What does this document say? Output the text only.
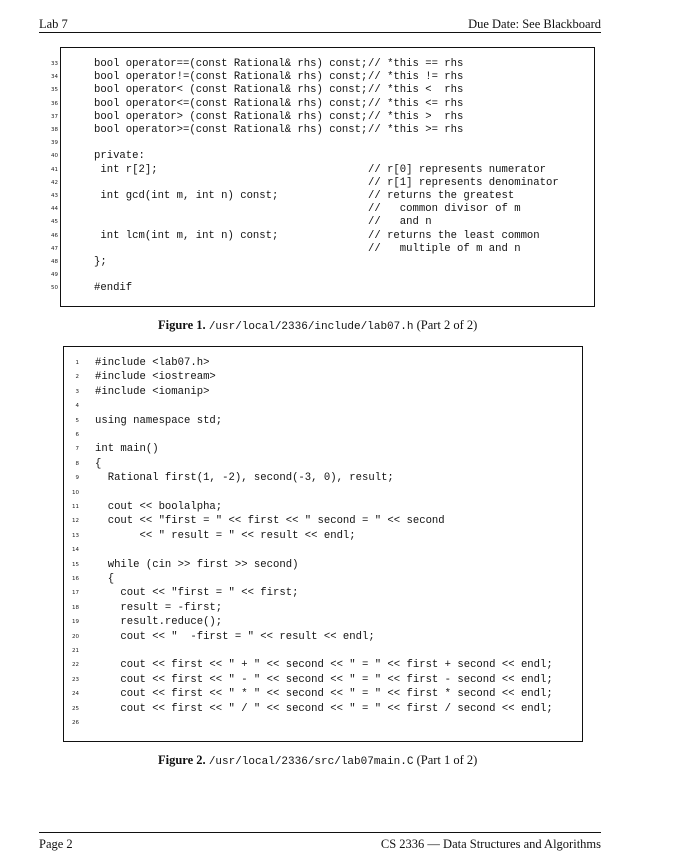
Lab 7	Due Date: See Blackboard
33	bool operator==(const Rational& rhs) const; // *this == rhs
34	bool operator!=(const Rational& rhs) const; // *this != rhs
35	bool operator< (const Rational& rhs) const; // *this <  rhs
36	bool operator<=(const Rational& rhs) const; // *this <= rhs
37	bool operator> (const Rational& rhs) const; // *this >  rhs
38	bool operator>=(const Rational& rhs) const; // *this >= rhs
39
40	private:
41	int r[2];	// r[0] represents numerator
42	// r[1] represents denominator
43	int gcd(int m, int n) const;	// returns the greatest
44	//   common divisor of m
45	//   and n
46	int lcm(int m, int n) const;	// returns the least common
47	//   multiple of m and n
48	};
49
50	#endif
Figure 1. /usr/local/2336/include/lab07.h (Part 2 of 2)
1 #include <lab07.h>
2 #include <iostream>
3 #include <iomanip>
4
5 using namespace std;
6
7 int main()
8 {
9 Rational first(1, -2), second(-3, 0), result;
10
11 cout << boolalpha;
12 cout << "first = " << first << " second = " << second
13 << " result = " << result << endl;
14
15 while (cin >> first >> second)
16 {
17 cout << "first = " << first;
18 result = -first;
19 result.reduce();
20 cout << "  -first = " << result << endl;
21
22 cout << first << " + " << second << " = " << first + second << endl;
23 cout << first << " - " << second << " = " << first - second << endl;
24 cout << first << " * " << second << " = " << first * second << endl;
25 cout << first << " / " << second << " = " << first / second << endl;
26
Figure 2. /usr/local/2336/src/lab07main.C (Part 1 of 2)
Page 2	CS 2336 — Data Structures and Algorithms
